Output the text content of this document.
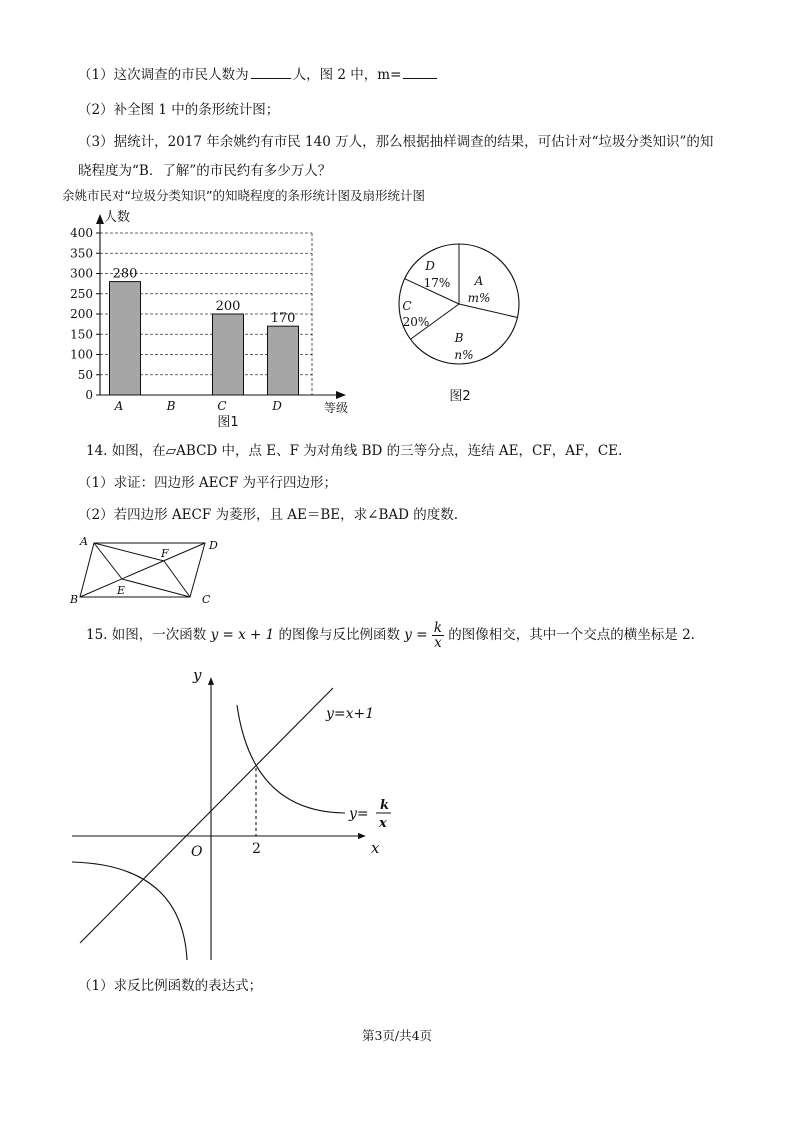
（1）这次调查的市民人数为	人，图 2 中，m=
（2）补全图 1 中的条形统计图；
（3）据统计，2017 年余姚约有市民 140 万人，那么根据抽样调查的结果，可估计对“垃圾分类知识”的知
晓程度为“B．了解”的市民约有多少万人？
余姚市民对“垃圾分类知识”的知晓程度的条形统计图及扇形统计图
0
50
100
150
200
250
300
350
400
人数
等级
280
A	B
200
C
170
D
图1
A
m%
B
n%
C
20%
D
17%
图2
14. 如图，在▱ABCD 中，点 E、F 为对角线 BD 的三等分点，连结 AE，CF，AF，CE.
（1）求证：四边形 AECF 为平行四边形；
（2）若四边形 AECF 为菱形，且 AE＝BE，求∠BAD 的度数.
A	D
B	C
F
E
15. 如图，一次函数 y = x + 1 的图像与反比例函数 $y = \frac{k}{x}$ 的图像相交，其中一个交点的横坐标是 2.
y
x
O	2
y=x+1
y=
k
x
（1）求反比例函数的表达式；
第3页/共4页
